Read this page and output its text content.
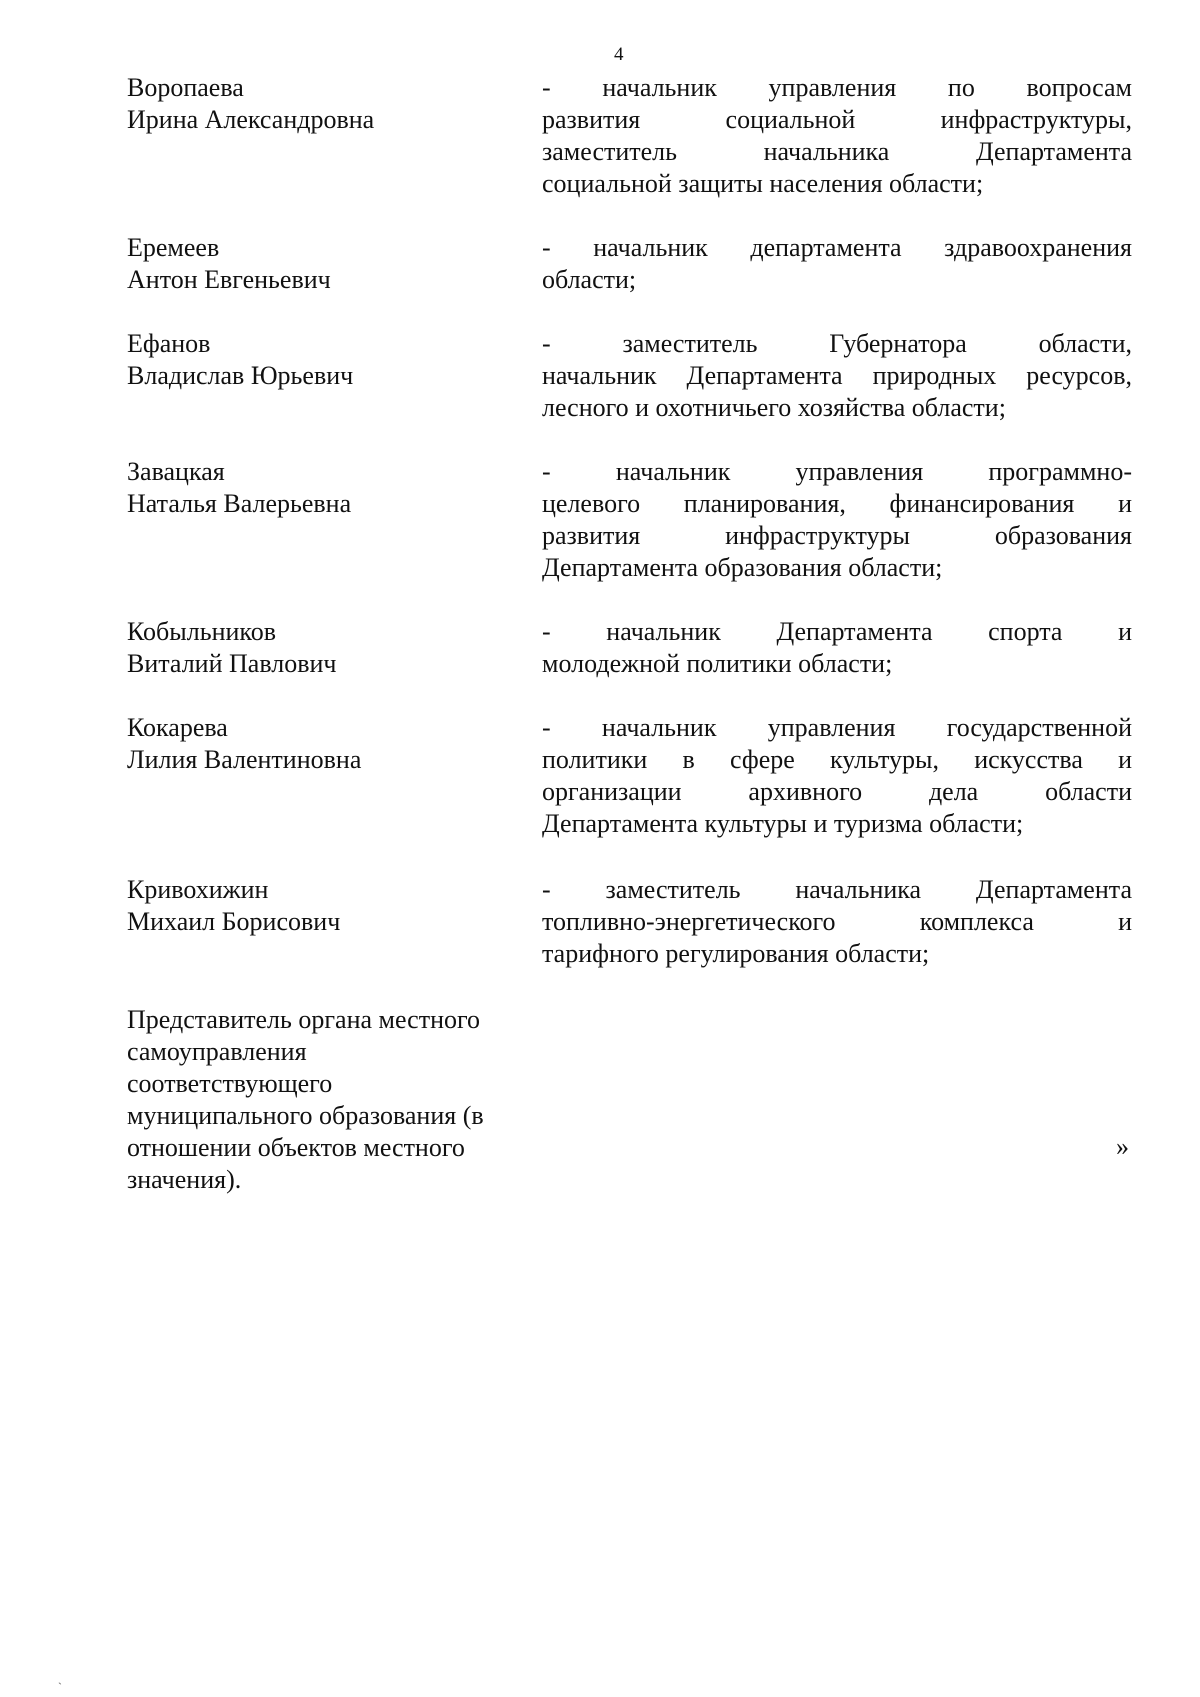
4
Воропаева
Ирина Александровна
- начальник управления по вопросам
развития социальной инфраструктуры,
заместитель начальника Департамента
социальной защиты населения области;
Еремеев
Антон Евгеньевич
- начальник департамента здравоохранения
области;
Ефанов
Владислав Юрьевич
- заместитель Губернатора области,
начальник Департамента природных ресурсов,
лесного и охотничьего хозяйства области;
Завацкая
Наталья Валерьевна
- начальник управления программно-
целевого планирования, финансирования и
развития инфраструктуры образования
Департамента образования области;
Кобыльников
Виталий Павлович
- начальник Департамента спорта и
молодежной политики области;
Кокарева
Лилия Валентиновна
- начальник управления государственной
политики в сфере культуры, искусства и
организации архивного дела области
Департамента культуры и туризма области;
Кривохижин
Михаил Борисович
- заместитель начальника Департамента
топливно-энергетического комплекса и
тарифного регулирования области;
Представитель органа местного
самоуправления
соответствующего
муниципального образования (в
отношении объектов местного
значения).
»
ˏ
